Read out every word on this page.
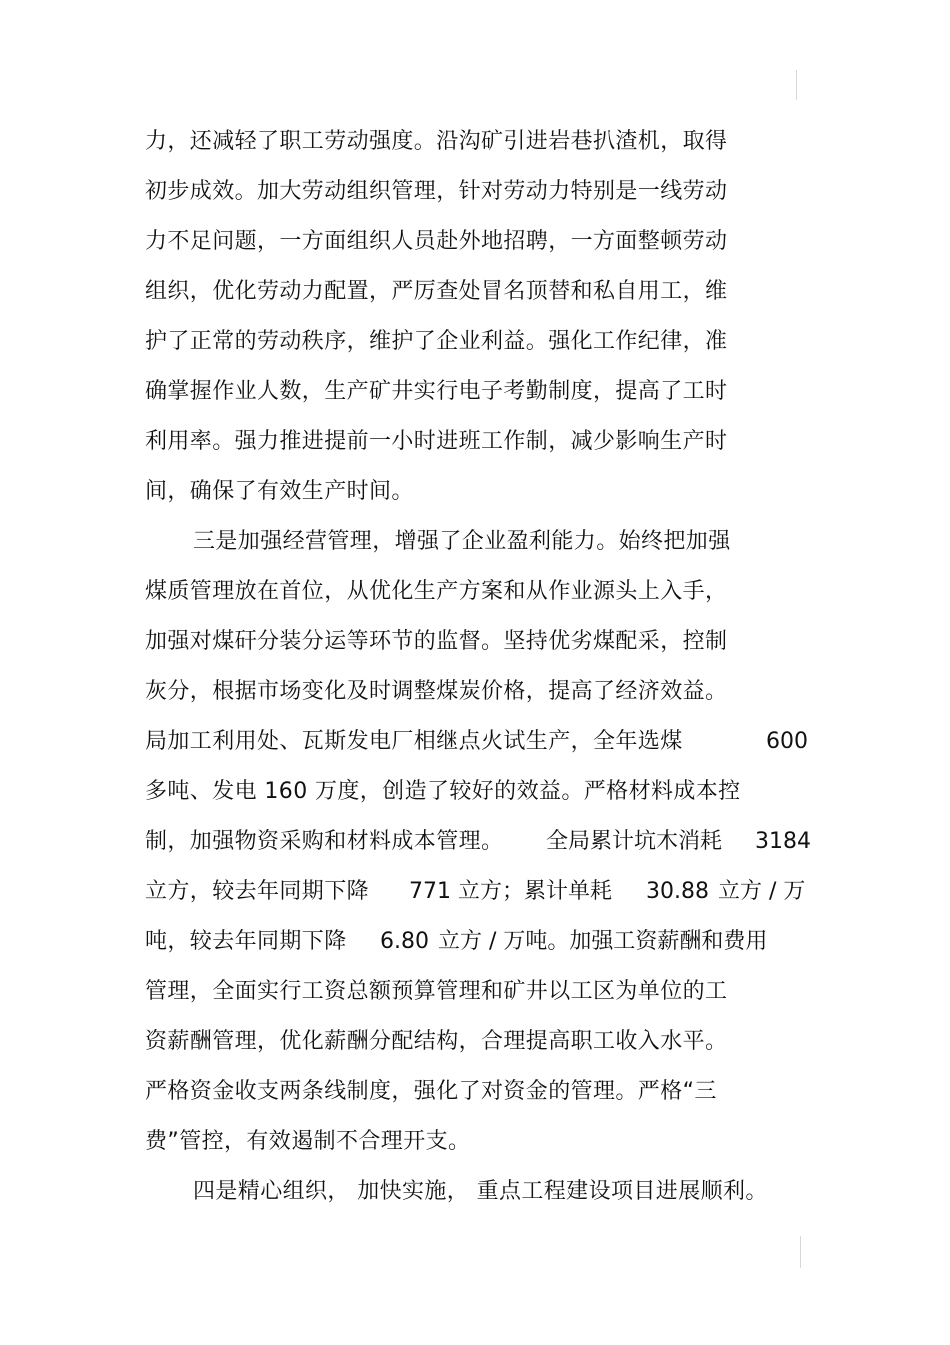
力，还减轻了职工劳动强度。沿沟矿引进岩巷扒渣机，取得
初步成效。加大劳动组织管理，针对劳动力特别是一线劳动
力不足问题，一方面组织人员赴外地招聘，一方面整顿劳动
组织，优化劳动力配置，严厉查处冒名顶替和私自用工，维
护了正常的劳动秩序，维护了企业利益。强化工作纪律，准
确掌握作业人数，生产矿井实行电子考勤制度，提高了工时
利用率。强力推进提前一小时进班工作制，减少影响生产时
间，确保了有效生产时间。
三是加强经营管理，增强了企业盈利能力。始终把加强
煤质管理放在首位，从优化生产方案和从作业源头上入手，
加强对煤矸分装分运等环节的监督。坚持优劣煤配采，控制
灰分，根据市场变化及时调整煤炭价格，提高了经济效益。
局加工利用处、瓦斯发电厂相继点火试生产，全年选煤	600
多吨、发电 160 万度，创造了较好的效益。严格材料成本控
制，加强物资采购和材料成本管理。 全局累计坑木消耗 3184
立方，较去年同期下降 771 立方；累计单耗 30.88 立方 / 万
吨，较去年同期下降 6.80 立方 / 万吨。加强工资薪酬和费用
管理，全面实行工资总额预算管理和矿井以工区为单位的工
资薪酬管理，优化薪酬分配结构，合理提高职工收入水平。
严格资金收支两条线制度，强化了对资金的管理。严格“三
费”管控，有效遏制不合理开支。
四是精心组织， 加快实施， 重点工程建设项目进展顺利。
